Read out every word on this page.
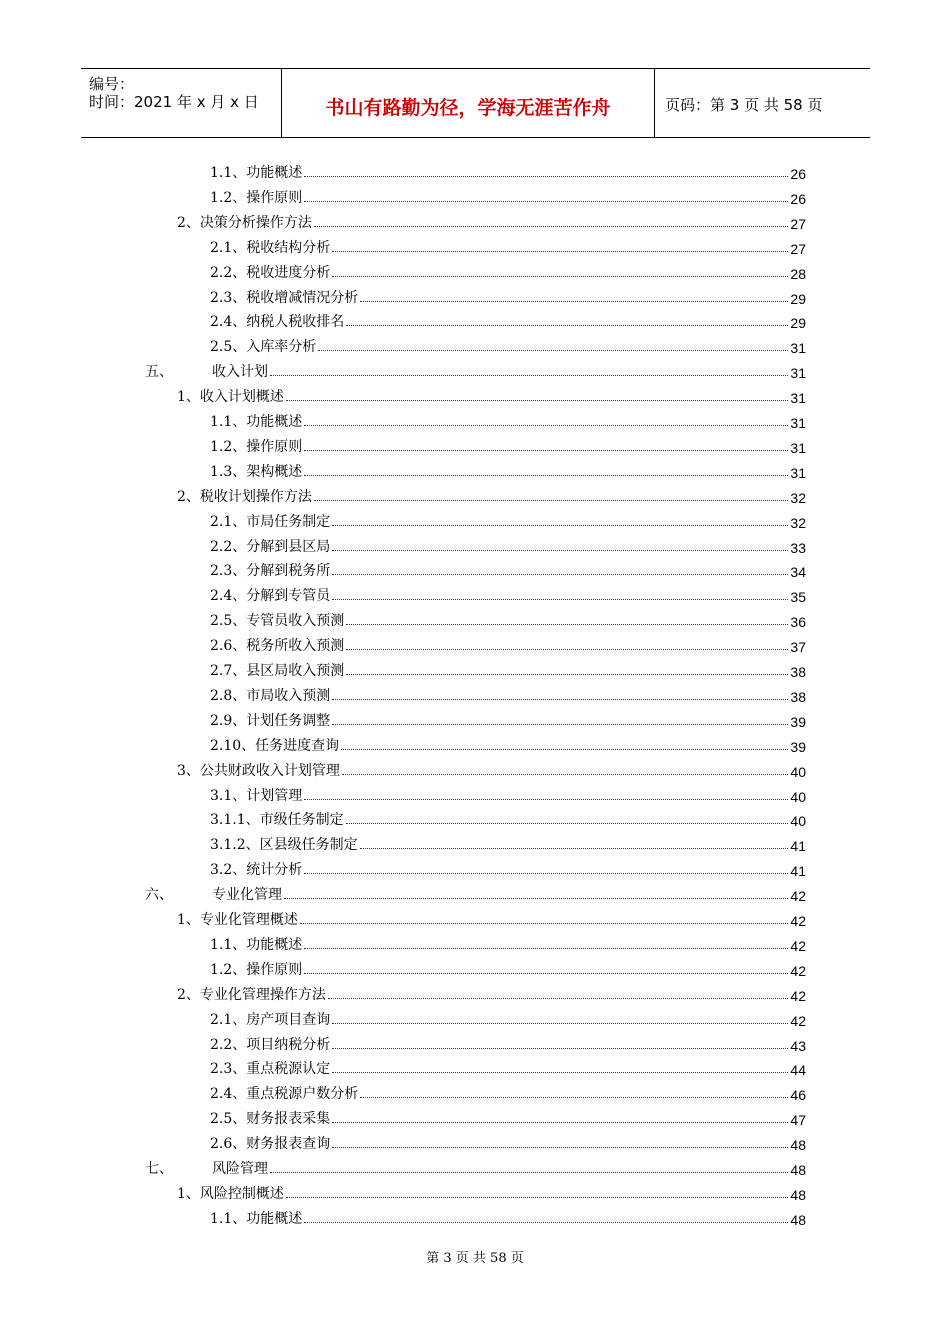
编号：
时间：2021 年 x 月 x 日	书山有路勤为径，学海无涯苦作舟	页码：第 3 页 共 58 页
1.1、 功能概述	26
1.2、 操作原则	26
2、 决策分析操作方法	27
2.1、 税收结构分析	27
2.2、 税收进度分析	28
2.3、 税收增减情况分析	29
2.4、 纳税人税收排名	29
2.5、 入库率分析	31
五、	收入计划	31
1、 收入计划概述	31
1.1、 功能概述	31
1.2、 操作原则	31
1.3、 架构概述	31
2、 税收计划操作方法	32
2.1、 市局任务制定	32
2.2、 分解到县区局	33
2.3、 分解到税务所	34
2.4、 分解到专管员	35
2.5、 专管员收入预测	36
2.6、 税务所收入预测	37
2.7、 县区局收入预测	38
2.8、 市局收入预测	38
2.9、 计划任务调整	39
2.10、 任务进度查询	39
3、 公共财政收入计划管理	40
3.1、 计划管理	40
3.1.1、 市级任务制定	40
3.1.2、 区县级任务制定	41
3.2、 统计分析	41
六、	专业化管理	42
1、 专业化管理概述	42
1.1、 功能概述	42
1.2、 操作原则	42
2、 专业化管理操作方法	42
2.1、 房产项目查询	42
2.2、 项目纳税分析	43
2.3、 重点税源认定	44
2.4、 重点税源户数分析	46
2.5、 财务报表采集	47
2.6、 财务报表查询	48
七、	风险管理	48
1、 风险控制概述	48
1.1、 功能概述	48
第 3 页 共 58 页
